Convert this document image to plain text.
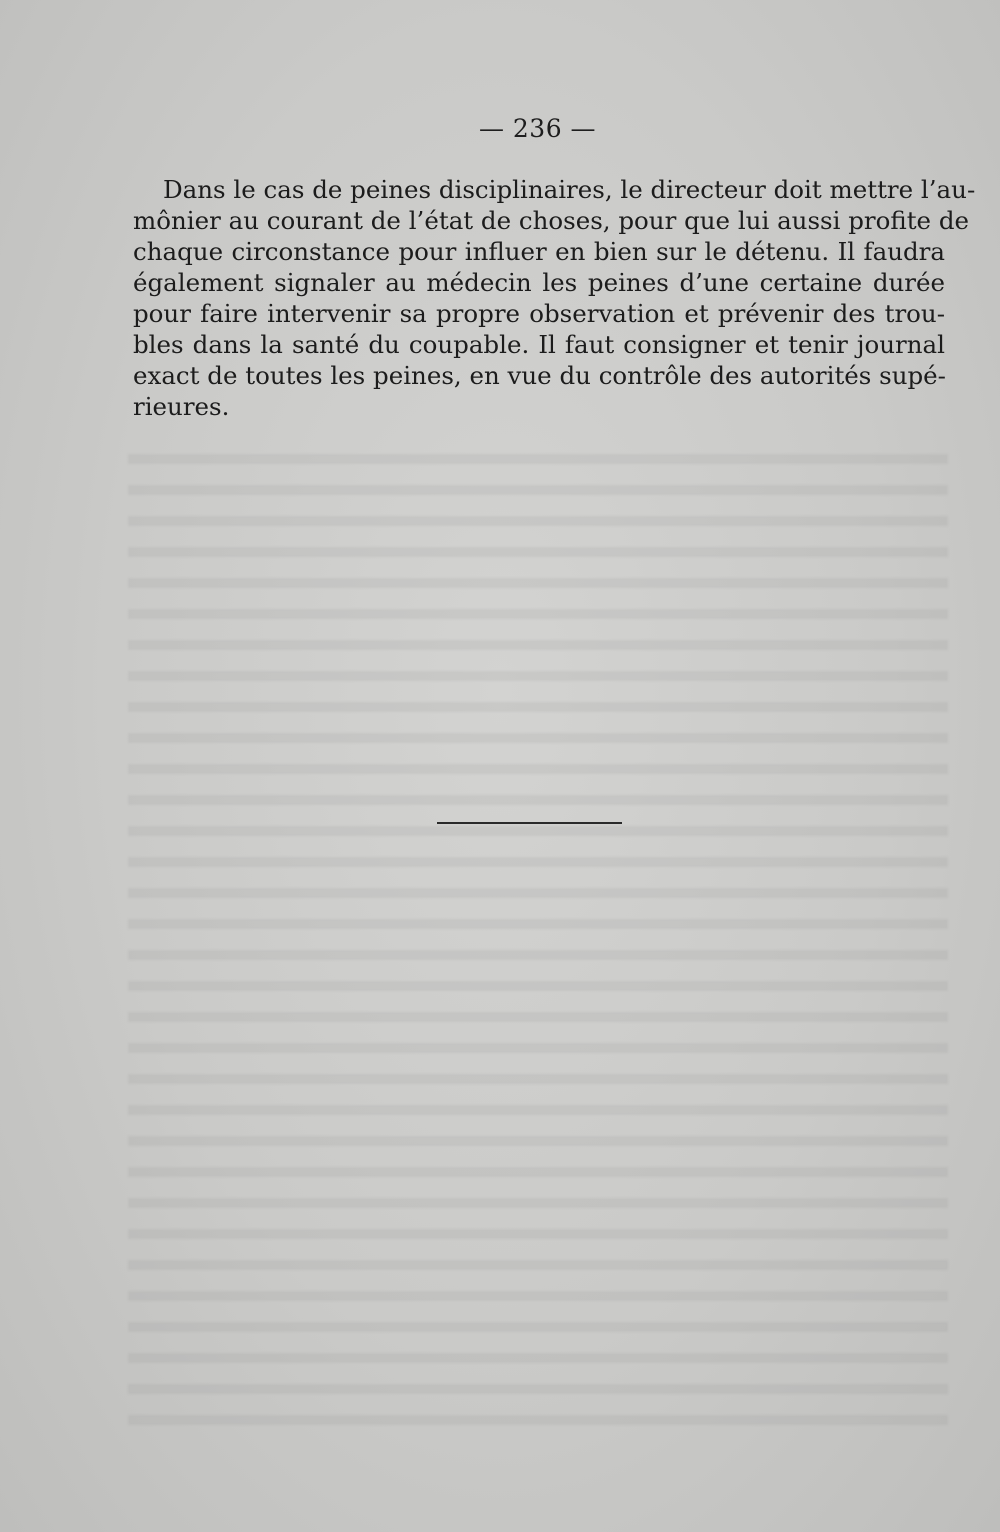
— 236 —

Dans le cas de peines disciplinaires, le directeur doit mettre l’au-
mônier au courant de l’état de choses, pour que lui aussi profite de
chaque circonstance pour influer en bien sur le détenu. Il faudra
également signaler au médecin les peines d’une certaine durée
pour faire intervenir sa propre observation et prévenir des trou-
bles dans la santé du coupable. Il faut consigner et tenir journal
exact de toutes les peines, en vue du contrôle des autorités supé-
rieures.
